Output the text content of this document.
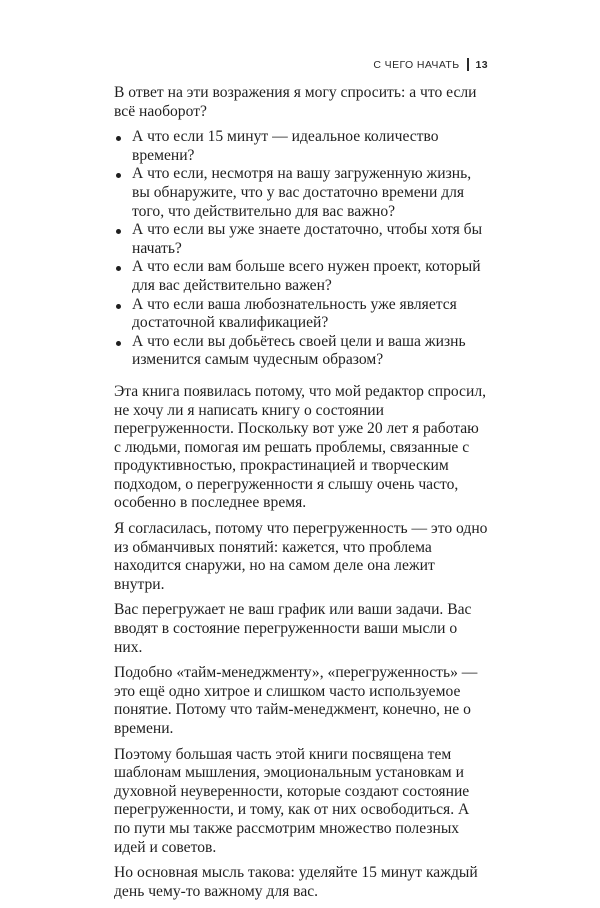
С ЧЕГО НАЧАТЬ 13

В ответ на эти возражения я могу спросить: а что если всё наоборот?

А что если 15 минут — идеальное количество времени?
А что если, несмотря на вашу загруженную жизнь, вы обнаружите, что у вас достаточно времени для того, что действительно для вас важно?
А что если вы уже знаете достаточно, чтобы хотя бы начать?
А что если вам больше всего нужен проект, который для вас действительно важен?
А что если ваша любознательность уже является достаточной квалификацией?
А что если вы добьётесь своей цели и ваша жизнь изменится самым чудесным образом?

Эта книга появилась потому, что мой редактор спросил, не хочу ли я написать книгу о состоянии перегруженности. Поскольку вот уже 20 лет я работаю с людьми, помогая им решать проблемы, связанные с продуктивностью, прокрастинацией и творческим подходом, о перегруженности я слышу очень часто, особенно в последнее время.

Я согласилась, потому что перегруженность — это одно из обманчивых понятий: кажется, что проблема находится снаружи, но на самом деле она лежит внутри.

Вас перегружает не ваш график или ваши задачи. Вас вводят в состояние перегруженности ваши мысли о них.

Подобно «тайм-менеджменту», «перегруженность» — это ещё одно хитрое и слишком часто используемое понятие. Потому что тайм-менеджмент, конечно, не о времени.

Поэтому большая часть этой книги посвящена тем шаблонам мышления, эмоциональным установкам и духовной неуверенности, которые создают состояние перегруженности, и тому, как от них освободиться. А по пути мы также рассмотрим множество полезных идей и советов.

Но основная мысль такова: уделяйте 15 минут каждый день чему-то важному для вас.
